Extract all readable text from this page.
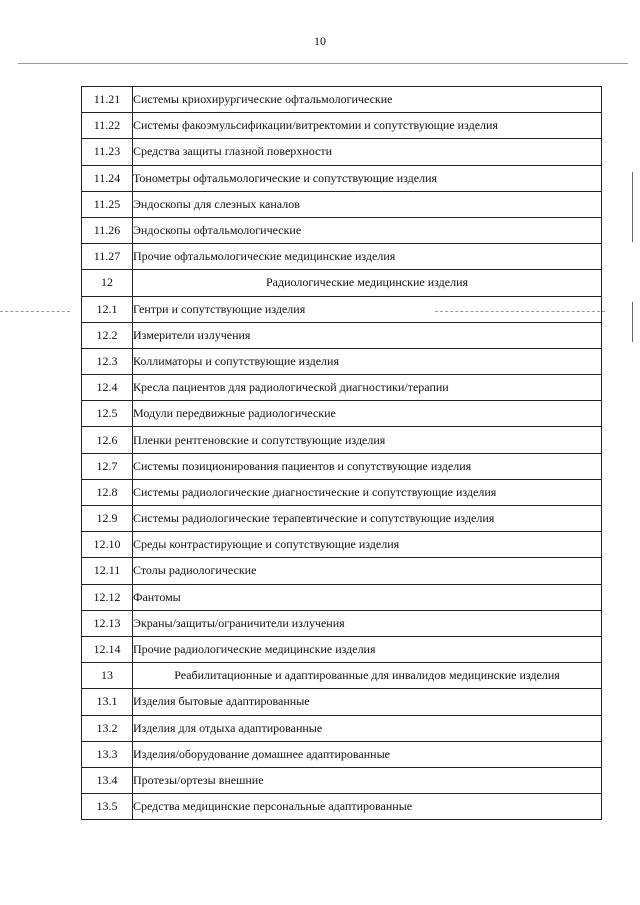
10
11.21	Системы криохирургические офтальмологические
11.22	Системы факоэмульсификации/витректомии и сопутствующие изделия
11.23	Средства защиты глазной поверхности
11.24	Тонометры офтальмологические и сопутствующие изделия
11.25	Эндоскопы для слезных каналов
11.26	Эндоскопы офтальмологические
11.27	Прочие офтальмологические медицинские изделия
12	Радиологические медицинские изделия
12.1	Гентри и сопутствующие изделия
12.2	Измерители излучения
12.3	Коллиматоры и сопутствующие изделия
12.4	Кресла пациентов для радиологической диагностики/терапии
12.5	Модули передвижные радиологические
12.6	Пленки рентгеновские и сопутствующие изделия
12.7	Системы позиционирования пациентов и сопутствующие изделия
12.8	Системы радиологические диагностические и сопутствующие изделия
12.9	Системы радиологические терапевтические и сопутствующие изделия
12.10	Среды контрастирующие и сопутствующие изделия
12.11	Столы радиологические
12.12	Фантомы
12.13	Экраны/защиты/ограничители излучения
12.14	Прочие радиологические медицинские изделия
13	Реабилитационные и адаптированные для инвалидов медицинские изделия
13.1	Изделия бытовые адаптированные
13.2	Изделия для отдыха адаптированные
13.3	Изделия/оборудование домашнее адаптированные
13.4	Протезы/ортезы внешние
13.5	Средства медицинские персональные адаптированные
